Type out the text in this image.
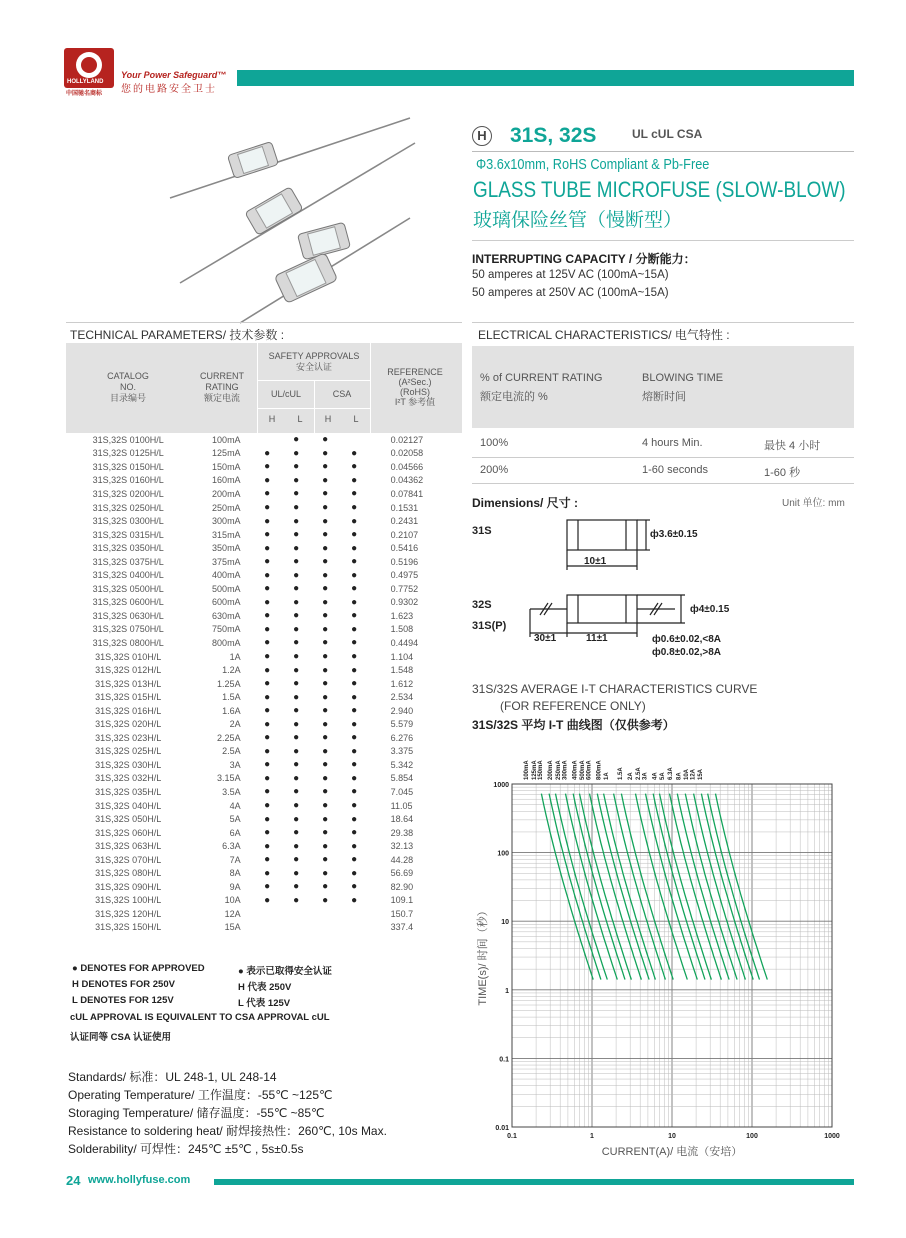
HOLLYLAND
中国驰名商标
Your Power Safeguard™
您的电路安全卫士
H 31S, 32S	UL cUL CSA
Φ3.6x10mm, RoHS Compliant & Pb-Free
GLASS TUBE MICROFUSE (SLOW-BLOW)
玻璃保险丝管（慢断型）
INTERRUPTING CAPACITY / 分断能力：
50 amperes at 125V AC (100mA~15A)
50 amperes at 250V AC (100mA~15A)
TECHNICAL PARAMETERS/ 技术参数 :
CATALOG
NO.
目录编号
CURRENT
RATING
额定电流
SAFETY APPROVALS
安全认证
UL/cUL	CSA
H	L	H	L
REFERENCE
(A²Sec.)
(RoHS)
I²T 参考值
31S,32S 0100H/L	100mA		●	●		0.02127
31S,32S 0125H/L	125mA	●	●	●	●	0.02058
31S,32S 0150H/L	150mA	●	●	●	●	0.04566
31S,32S 0160H/L	160mA	●	●	●	●	0.04362
31S,32S 0200H/L	200mA	●	●	●	●	0.07841
31S,32S 0250H/L	250mA	●	●	●	●	0.1531
31S,32S 0300H/L	300mA	●	●	●	●	0.2431
31S,32S 0315H/L	315mA	●	●	●	●	0.2107
31S,32S 0350H/L	350mA	●	●	●	●	0.5416
31S,32S 0375H/L	375mA	●	●	●	●	0.5196
31S,32S 0400H/L	400mA	●	●	●	●	0.4975
31S,32S 0500H/L	500mA	●	●	●	●	0.7752
31S,32S 0600H/L	600mA	●	●	●	●	0.9302
31S,32S 0630H/L	630mA	●	●	●	●	1.623
31S,32S 0750H/L	750mA	●	●	●	●	1.508
31S,32S 0800H/L	800mA	●	●	●	●	0.4494
31S,32S 010H/L	1A	●	●	●	●	1.104
31S,32S 012H/L	1.2A	●	●	●	●	1.548
31S,32S 013H/L	1.25A	●	●	●	●	1.612
31S,32S 015H/L	1.5A	●	●	●	●	2.534
31S,32S 016H/L	1.6A	●	●	●	●	2.940
31S,32S 020H/L	2A	●	●	●	●	5.579
31S,32S 023H/L	2.25A	●	●	●	●	6.276
31S,32S 025H/L	2.5A	●	●	●	●	3.375
31S,32S 030H/L	3A	●	●	●	●	5.342
31S,32S 032H/L	3.15A	●	●	●	●	5.854
31S,32S 035H/L	3.5A	●	●	●	●	7.045
31S,32S 040H/L	4A	●	●	●	●	11.05
31S,32S 050H/L	5A	●	●	●	●	18.64
31S,32S 060H/L	6A	●	●	●	●	29.38
31S,32S 063H/L	6.3A	●	●	●	●	32.13
31S,32S 070H/L	7A	●	●	●	●	44.28
31S,32S 080H/L	8A	●	●	●	●	56.69
31S,32S 090H/L	9A	●	●	●	●	82.90
31S,32S 100H/L	10A	●	●	●	●	109.1
31S,32S 120H/L	12A					150.7
31S,32S 150H/L	15A					337.4
● DENOTES FOR APPROVED	● 表示已取得安全认证
H DENOTES FOR 250V	H 代表 250V
L DENOTES FOR 125V	L 代表 125V
cUL APPROVAL IS EQUIVALENT TO CSA APPROVAL cUL
认证同等 CSA 认证使用
Standards/ 标准：UL 248-1, UL 248-14
Operating Temperature/ 工作温度：-55℃ ~125℃
Storaging Temperature/ 储存温度：-55℃ ~85℃
Resistance to soldering heat/ 耐焊接热性：260℃, 10s Max.
Solderability/ 可焊性：245℃ ±5℃ , 5s±0.5s
ELECTRICAL CHARACTERISTICS/ 电气特性 :
% of CURRENT RATING
额定电流的 %
BLOWING TIME
熔断时间
100%	4 hours Min.	最快 4 小时
200%	1-60 seconds	1-60 秒
Dimensions/ 尺寸 :	Unit 单位: mm
31S
32S
31S(P)
ф3.6±0.15
10±1
ф4±0.15
30±1	11±1	ф0.6±0.02,<8A
ф0.8±0.02,>8A
31S/32S AVERAGE I-T CHARACTERISTICS CURVE
(FOR REFERENCE ONLY)
31S/32S 平均 I-T 曲线图（仅供参考）
0.1	1	10	100	1000
0.01
0.1
1
10
100
1000
CURRENT(A)/ 电流（安培）
TIME(s)/ 时间（秒）
100mA 125mA 150mA 200mA 250mA 300mA 400mA 500mA 600mA 800mA 1A 1.5A 2A 2.5A 3A 4A 5A 6.3A 8A 10A 12A 15A
24 www.hollyfuse.com
